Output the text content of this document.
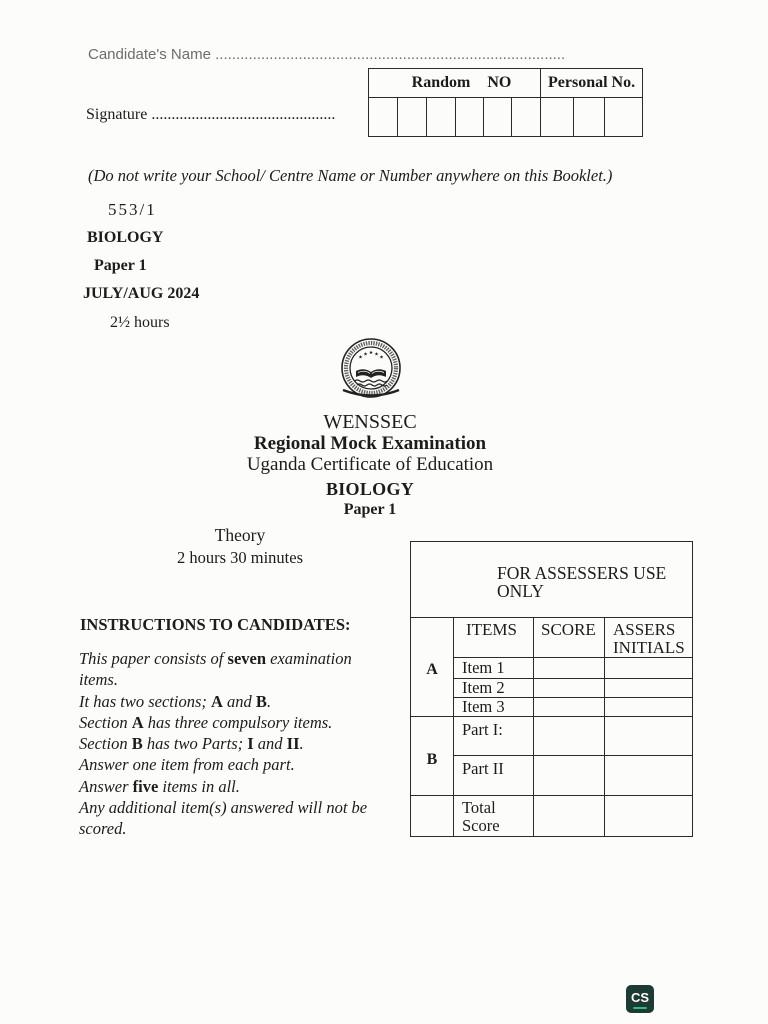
Candidate's Name ....................................................................................
Random NO						Personal No.		

Signature ..............................................
(Do not write your School/ Centre Name or Number anywhere on this Booklet.)
553/1
BIOLOGY
Paper 1
JULY/AUG 2024
2½ hours
WENSSEC
Regional Mock Examination
Uganda Certificate of Education
BIOLOGY
Paper 1
Theory
2 hours 30 minutes
INSTRUCTIONS TO CANDIDATES:
This paper consists of seven examination
items.
It has two sections; A and B.
Section A has three compulsory items.
Section B has two Parts; I and II.
Answer one item from each part.
Answer five items in all.
Any additional item(s) answered will not be
scored.
FOR ASSESSERS USE ONLY			

A	ITEMS	SCORE	ASSERS INITIALS
	Item 1		
	Item 2		
	Item 3		
B	Part I:		
	Part II		

	Total Score		

CS
